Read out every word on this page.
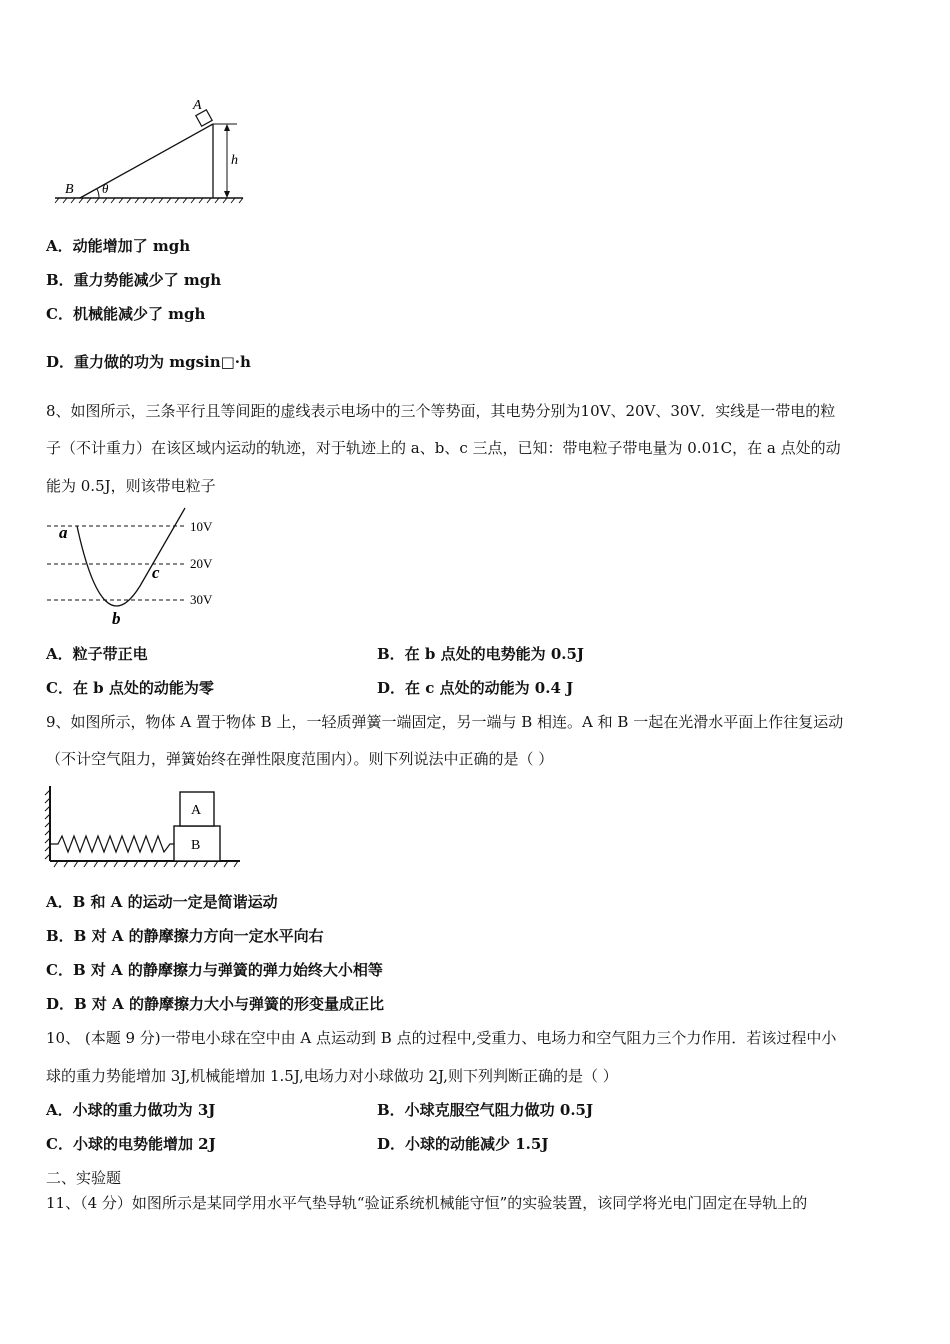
A
B θ
h
A．动能增加了 mgh
B．重力势能减少了 mgh
C．机械能减少了 mgh
D．重力做的功为 mgsin□·h
8、如图所示，三条平行且等间距的虚线表示电场中的三个等势面，其电势分别为10V、20V、30V．实线是一带电的粒
子（不计重力）在该区域内运动的轨迹，对于轨迹上的 a、b、c 三点，已知：带电粒子带电量为 0.01C，在 a 点处的动
能为 0.5J，则该带电粒子
10V
20V
30V
a
b
c
A．粒子带正电	B．在 b 点处的电势能为 0.5J
C．在 b 点处的动能为零	D．在 c 点处的动能为 0.4 J
9、如图所示，物体 A 置于物体 B 上，一轻质弹簧一端固定，另一端与 B 相连。A 和 B 一起在光滑水平面上作往复运动
（不计空气阻力，弹簧始终在弹性限度范围内）。则下列说法中正确的是（ ）
A
B
A．B 和 A 的运动一定是简谐运动
B．B 对 A 的静摩擦力方向一定水平向右
C．B 对 A 的静摩擦力与弹簧的弹力始终大小相等
D．B 对 A 的静摩擦力大小与弹簧的形变量成正比
10、 (本题 9 分)一带电小球在空中由 A 点运动到 B 点的过程中,受重力、电场力和空气阻力三个力作用．若该过程中小
球的重力势能增加 3J,机械能增加 1.5J,电场力对小球做功 2J,则下列判断正确的是（ ）
A．小球的重力做功为 3J	B．小球克服空气阻力做功 0.5J
C．小球的电势能增加 2J	D．小球的动能减少 1.5J
二、实验题
11、（4 分）如图所示是某同学用水平气垫导轨“验证系统机械能守恒”的实验装置，该同学将光电门固定在导轨上的
